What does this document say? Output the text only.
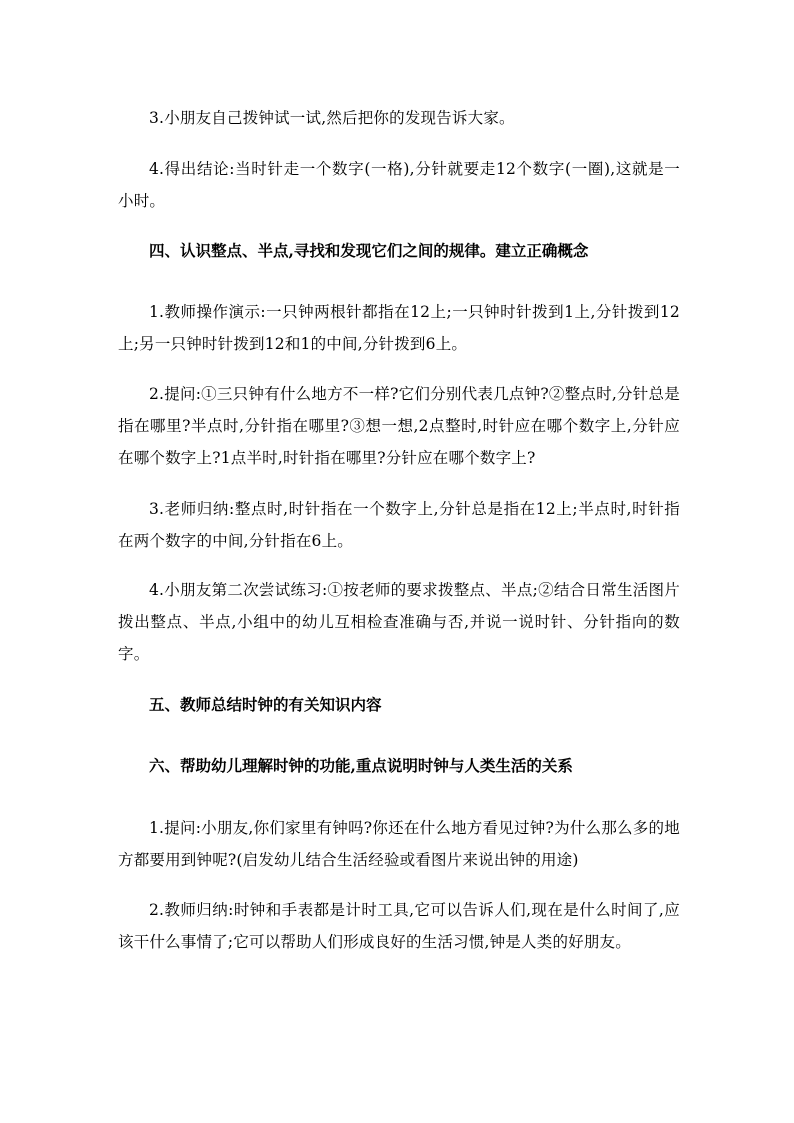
3.小朋友自己拨钟试一试,然后把你的发现告诉大家。

4.得出结论:当时针走一个数字(一格),分针就要走12个数字(一圈),这就是一小时。

四、认识整点、半点,寻找和发现它们之间的规律。建立正确概念

1.教师操作演示:一只钟两根针都指在12上;一只钟时针拨到1上,分针拨到12上;另一只钟时针拨到12和1的中间,分针拨到6上。

2.提问:①三只钟有什么地方不一样?它们分别代表几点钟?②整点时,分针总是指在哪里?半点时,分针指在哪里?③想一想,2点整时,时针应在哪个数字上,分针应在哪个数字上?1点半时,时针指在哪里?分针应在哪个数字上?

3.老师归纳:整点时,时针指在一个数字上,分针总是指在12上;半点时,时针指在两个数字的中间,分针指在6上。

4.小朋友第二次尝试练习:①按老师的要求拨整点、半点;②结合日常生活图片拨出整点、半点,小组中的幼儿互相检查准确与否,并说一说时针、分针指向的数字。

五、教师总结时钟的有关知识内容

六、帮助幼儿理解时钟的功能,重点说明时钟与人类生活的关系

1.提问:小朋友,你们家里有钟吗?你还在什么地方看见过钟?为什么那么多的地方都要用到钟呢?(启发幼儿结合生活经验或看图片来说出钟的用途)

2.教师归纳:时钟和手表都是计时工具,它可以告诉人们,现在是什么时间了,应该干什么事情了;它可以帮助人们形成良好的生活习惯,钟是人类的好朋友。
